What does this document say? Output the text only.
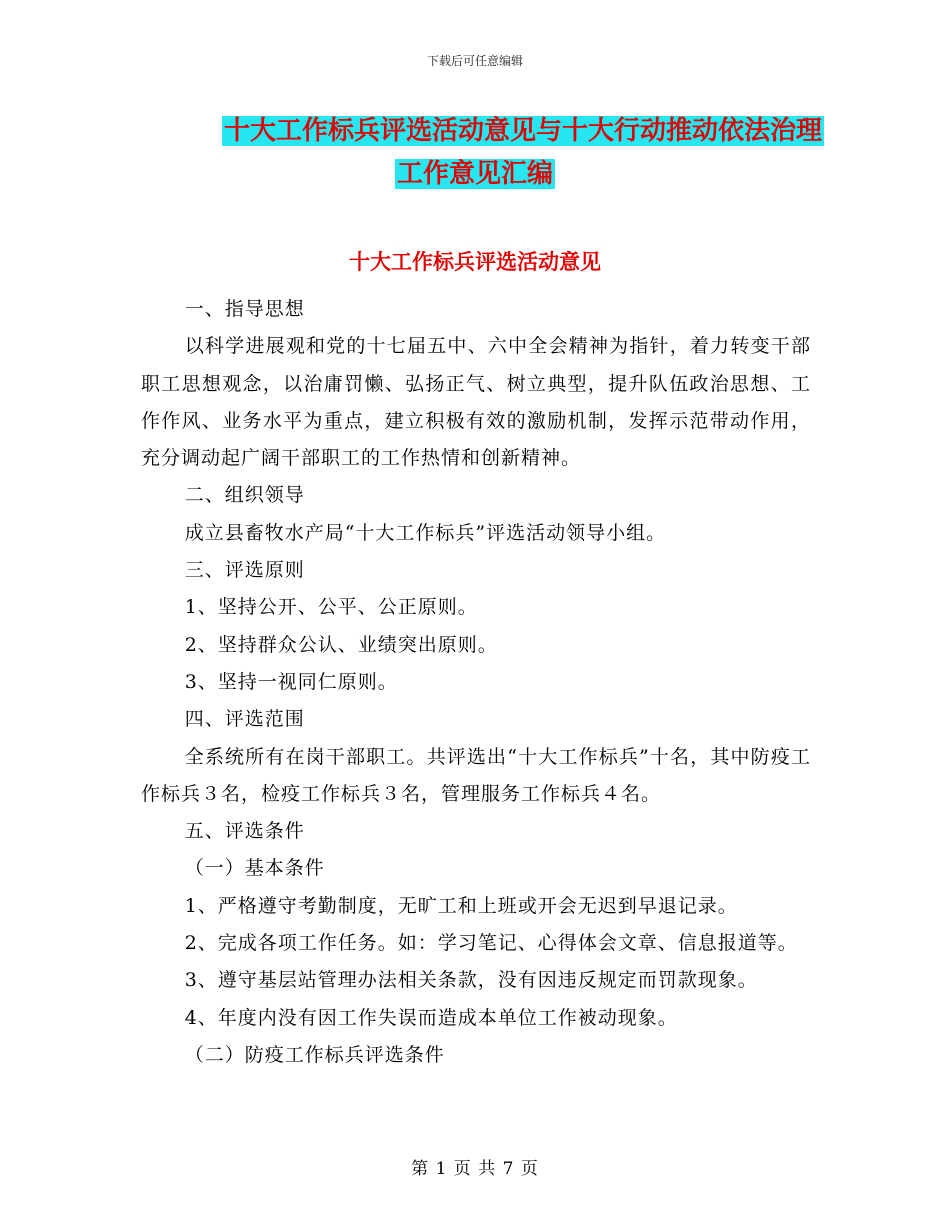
下载后可任意编辑
十大工作标兵评选活动意见与十大行动推动依法治理
工作意见汇编
十大工作标兵评选活动意见

一、指导思想

以科学进展观和党的十七届五中、六中全会精神为指针，着力转变干部职工思想观念，以治庸罚懒、弘扬正气、树立典型，提升队伍政治思想、工作作风、业务水平为重点，建立积极有效的激励机制，发挥示范带动作用，充分调动起广阔干部职工的工作热情和创新精神。

二、组织领导

成立县畜牧水产局“十大工作标兵”评选活动领导小组。

三、评选原则

1、坚持公开、公平、公正原则。

2、坚持群众公认、业绩突出原则。

3、坚持一视同仁原则。

四、评选范围

全系统所有在岗干部职工。共评选出“十大工作标兵”十名，其中防疫工作标兵３名，检疫工作标兵３名，管理服务工作标兵４名。

五、评选条件

（一）基本条件

1、严格遵守考勤制度，无旷工和上班或开会无迟到早退记录。

2、完成各项工作任务。如：学习笔记、心得体会文章、信息报道等。

3、遵守基层站管理办法相关条款，没有因违反规定而罚款现象。

4、年度内没有因工作失误而造成本单位工作被动现象。

（二）防疫工作标兵评选条件

第 1 页 共 7 页
